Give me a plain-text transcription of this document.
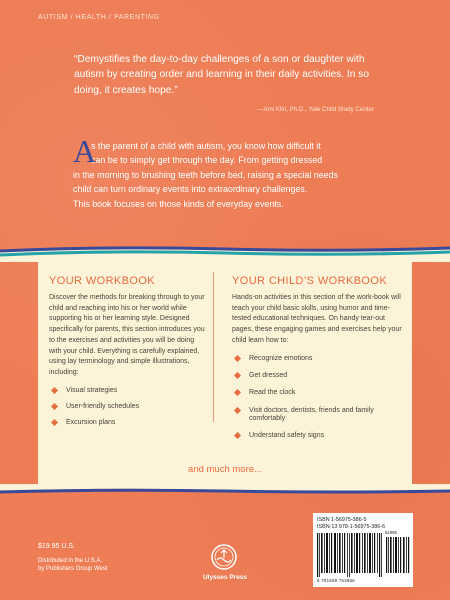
AUTISM / HEALTH / PARENTING
“Demystifies the day-to-day challenges of a son or daughter with autism by creating order and learning in their daily activities. In so doing, it creates hope.”
—Ami Klin, Ph.D., Yale Child Study Center
A
s the parent of a child with autism, you know how difficult it
can be to simply get through the day. From getting dressed
in the morning to brushing teeth before bed, raising a special needs
child can turn ordinary events into extraordinary challenges.
This book focuses on those kinds of everyday events.
YOUR WORKBOOK

Discover the methods for breaking through to your child and reaching into his or her world while supporting his or her learning style. Designed specifically for parents, this section introduces you to the exercises and activities you will be doing with your child. Everything is carefully explained, using lay terminology and simple illustrations, including:

Visual strategies
User-friendly schedules
Excursion plans
YOUR CHILD’S WORKBOOK

Hands-on activities in this section of the work-book will teach your child basic skills, using humor and time-tested educational techniques. On handy tear-out pages, these engaging games and exercises help your child learn how to:

Recognize emotions
Get dressed
Read the clock
Visit doctors, dentists, friends and family comfortably
Understand safety signs
and much more...
$19.95 U.S.
Distributed in the U.S.A.
by Publishers Group West
Ulysses Press
ISBN 1-56975-386-5
ISBN-13 978-1-56975-386-6
51995
9 781569 753866
